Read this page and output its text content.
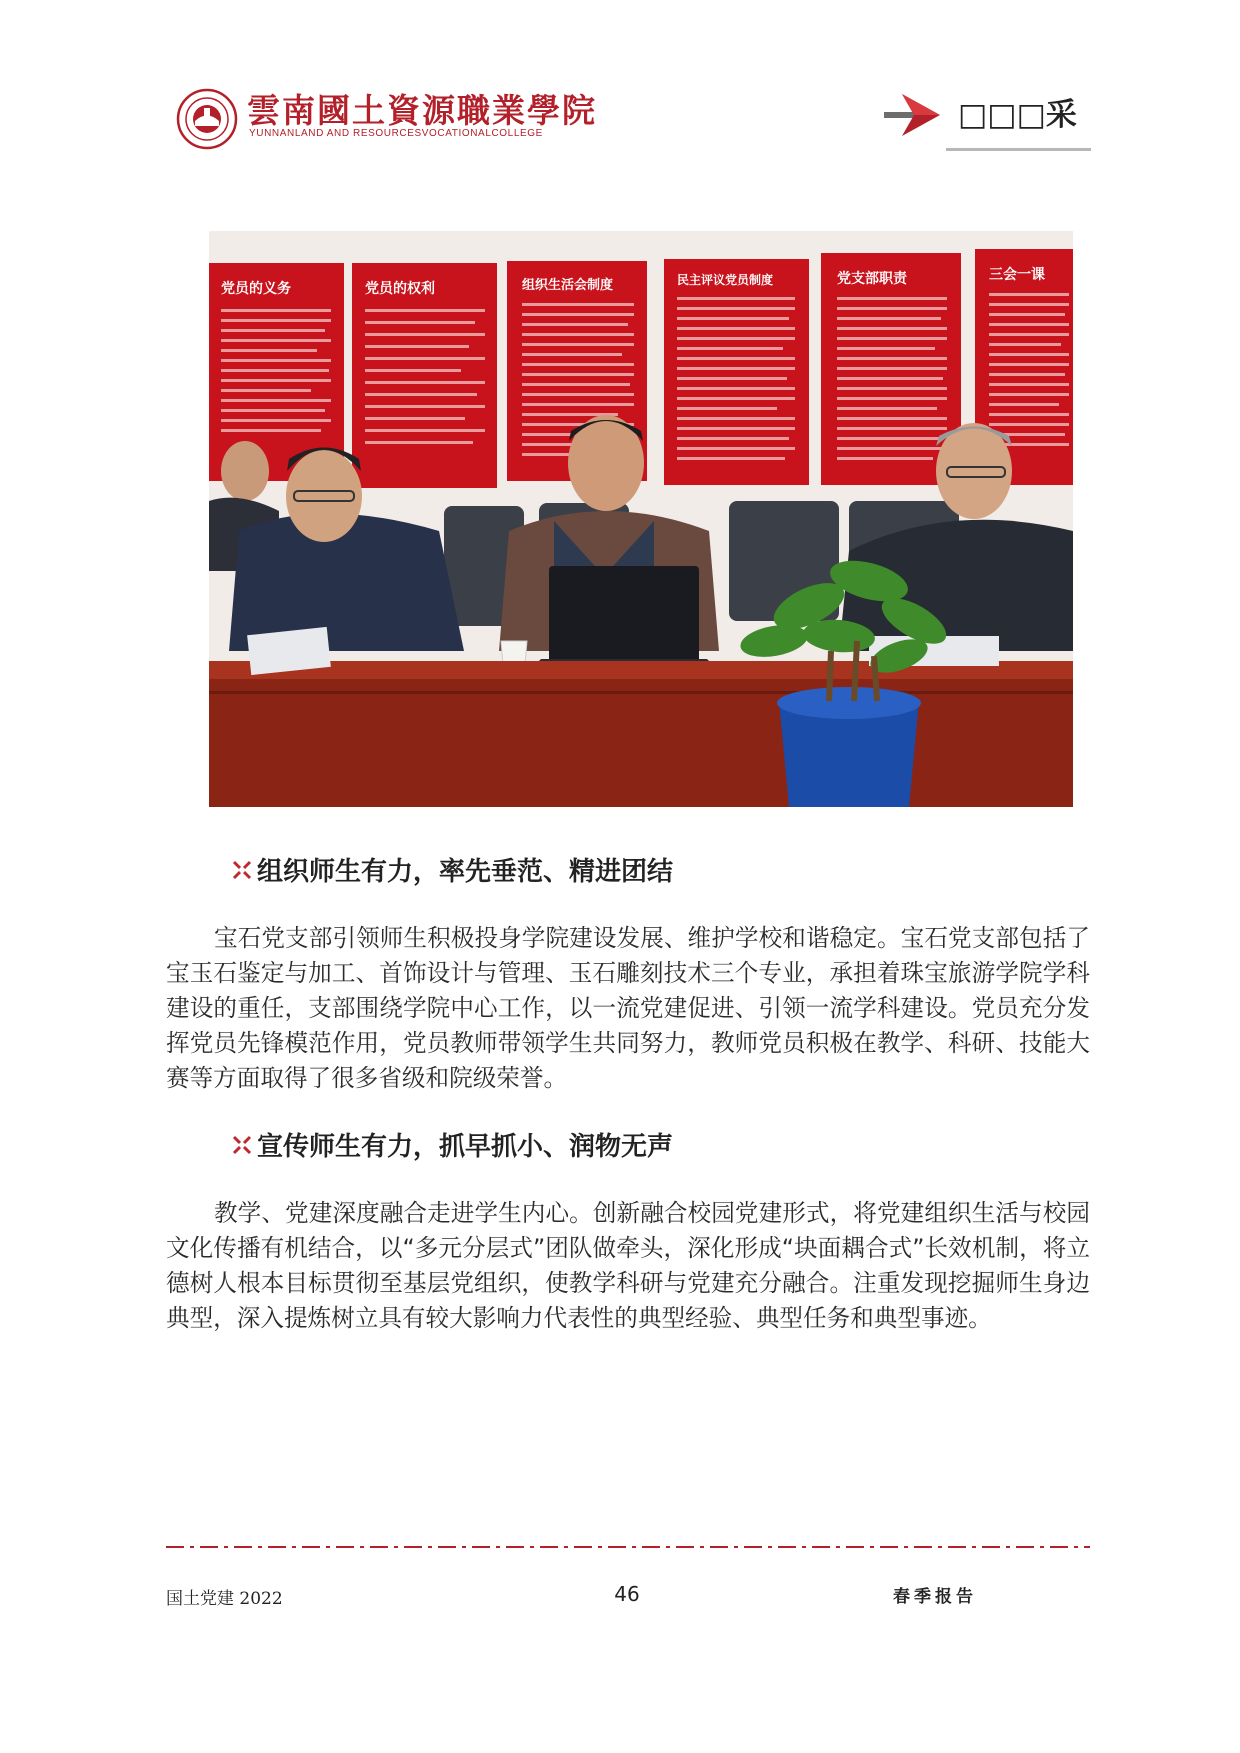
雲南國土資源職業學院
YUNNANLAND AND RESOURCESVOCATIONALCOLLEGE
□□□采
党员的义务	党员的权利	组织生活会制度	民主评议党员制度	党支部职责	三会一课
组织师生有力，率先垂范、精进团结
宝石党支部引领师生积极投身学院建设发展、维护学校和谐稳定。宝石党支部包括了宝玉石鉴定与加工、首饰设计与管理、玉石雕刻技术三个专业，承担着珠宝旅游学院学科建设的重任，支部围绕学院中心工作，以一流党建促进、引领一流学科建设。党员充分发挥党员先锋模范作用，党员教师带领学生共同努力，教师党员积极在教学、科研、技能大赛等方面取得了很多省级和院级荣誉。
宣传师生有力，抓早抓小、润物无声
教学、党建深度融合走进学生内心。创新融合校园党建形式，将党建组织生活与校园文化传播有机结合，以“多元分层式”团队做牵头，深化形成“块面耦合式”长效机制，将立德树人根本目标贯彻至基层党组织，使教学科研与党建充分融合。注重发现挖掘师生身边典型，深入提炼树立具有较大影响力代表性的典型经验、典型任务和典型事迹。
国土党建 2022	46	春季报告
